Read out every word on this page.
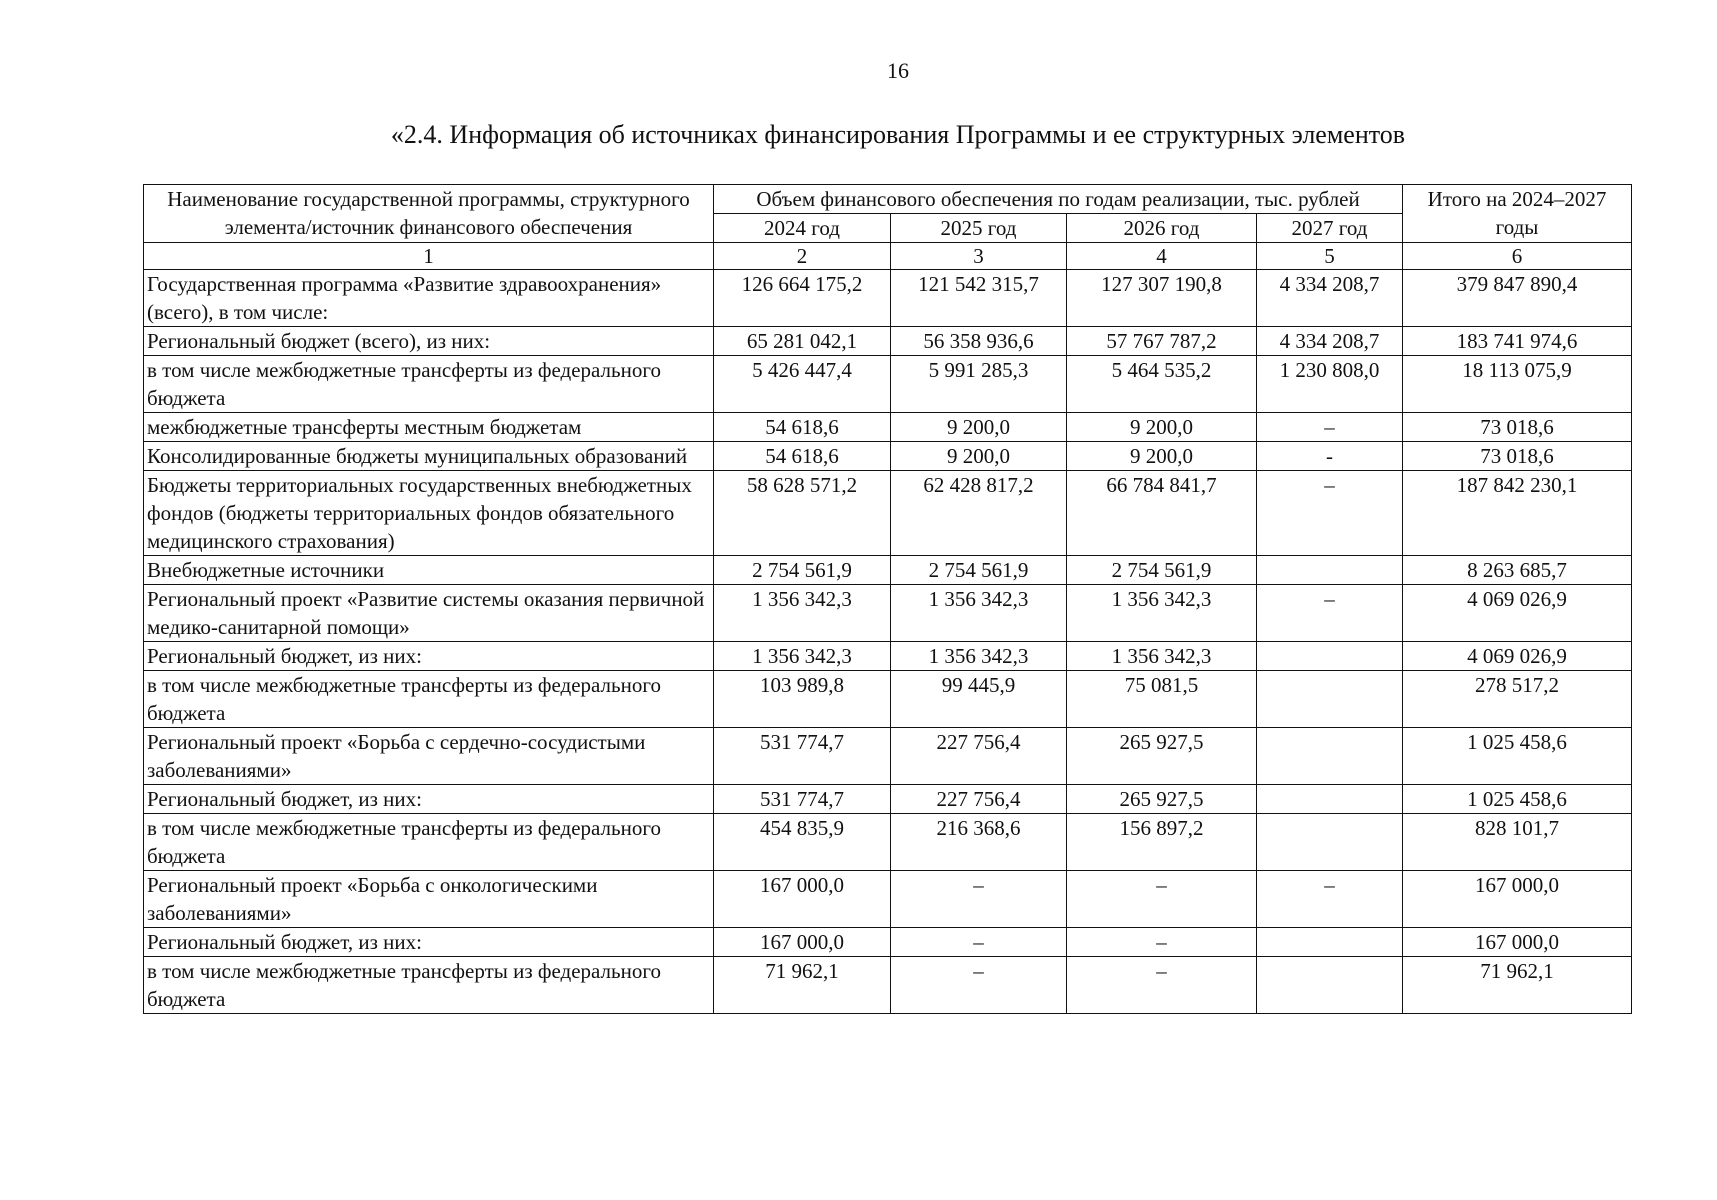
16
«2.4. Информация об источниках финансирования Программы и ее структурных элементов
Наименование государственной программы, структурного элемента/источник финансового обеспечения	Объем финансового обеспечения по годам реализации, тыс. рублей				Итого на 2024–2027 годы
	2024 год	2025 год	2026 год	2027 год	
1	2	3	4	5	6
Государственная программа «Развитие здравоохранения» (всего), в том числе:	126 664 175,2	121 542 315,7	127 307 190,8	4 334 208,7	379 847 890,4
Региональный бюджет (всего), из них:	65 281 042,1	56 358 936,6	57 767 787,2	4 334 208,7	183 741 974,6
в том числе межбюджетные трансферты из федерального бюджета	5 426 447,4	5 991 285,3	5 464 535,2	1 230 808,0	18 113 075,9
межбюджетные трансферты местным бюджетам	54 618,6	9 200,0	9 200,0	–	73 018,6
Консолидированные бюджеты муниципальных образований	54 618,6	9 200,0	9 200,0	-	73 018,6
Бюджеты территориальных государственных внебюджетных фондов (бюджеты территориальных фондов обязательного медицинского страхования)	58 628 571,2	62 428 817,2	66 784 841,7	–	187 842 230,1
Внебюджетные источники	2 754 561,9	2 754 561,9	2 754 561,9		8 263 685,7
Региональный проект «Развитие системы оказания первичной медико-санитарной помощи»	1 356 342,3	1 356 342,3	1 356 342,3	–	4 069 026,9
Региональный бюджет, из них:	1 356 342,3	1 356 342,3	1 356 342,3		4 069 026,9
в том числе межбюджетные трансферты из федерального бюджета	103 989,8	99 445,9	75 081,5		278 517,2
Региональный проект «Борьба с сердечно-сосудистыми заболеваниями»	531 774,7	227 756,4	265 927,5		1 025 458,6
Региональный бюджет, из них:	531 774,7	227 756,4	265 927,5		1 025 458,6
в том числе межбюджетные трансферты из федерального бюджета	454 835,9	216 368,6	156 897,2		828 101,7
Региональный проект «Борьба с онкологическими заболеваниями»	167 000,0	–	–	–	167 000,0
Региональный бюджет, из них:	167 000,0	–	–		167 000,0
в том числе межбюджетные трансферты из федерального бюджета	71 962,1	–	–		71 962,1
